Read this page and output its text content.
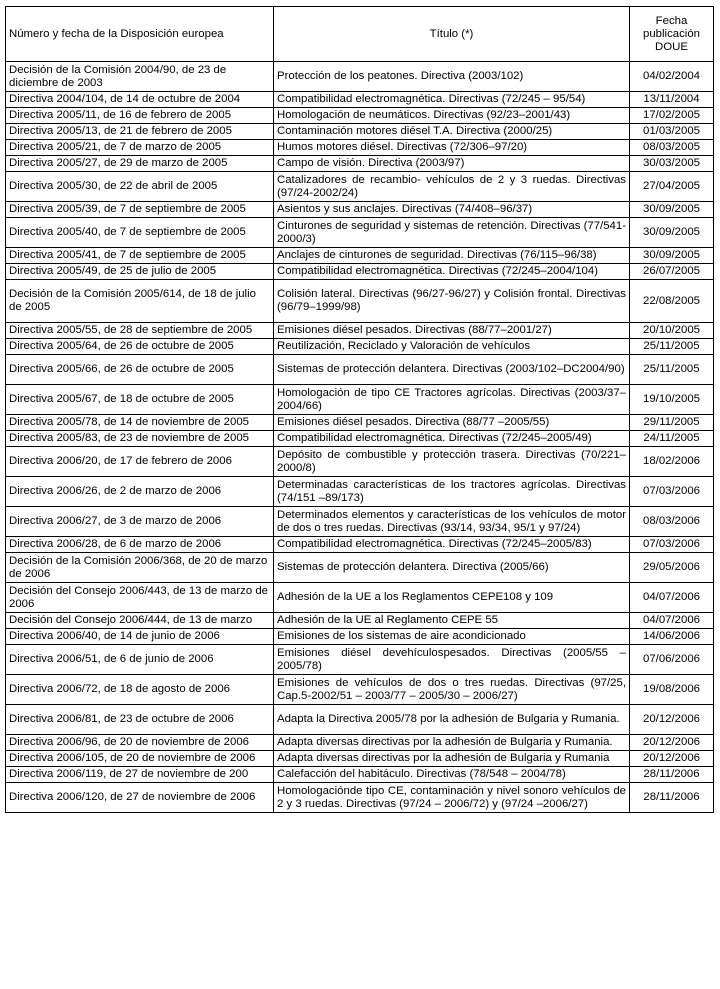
Número y fecha de la Disposición europea	Título (*)	Fecha publicación DOUE
Decisión de la Comisión 2004/90, de 23 de diciembre de 2003	Protección de los peatones. Directiva (2003/102)	04/02/2004
Directiva 2004/104, de 14 de octubre de 2004	Compatibilidad electromagnética. Directivas (72/245 – 95/54)	13/11/2004
Directiva 2005/11, de 16 de febrero de 2005	Homologación de neumáticos. Directivas (92/23–2001/43)	17/02/2005
Directiva 2005/13, de 21 de febrero de 2005	Contaminación motores diésel T.A. Directiva (2000/25)	01/03/2005
Directiva 2005/21, de 7 de marzo de 2005	Humos motores diésel. Directivas (72/306–97/20)	08/03/2005
Directiva 2005/27, de 29 de marzo de 2005	Campo de visión. Directiva (2003/97)	30/03/2005
Directiva 2005/30, de 22 de abril de 2005	Catalizadores de recambio- vehículos de 2 y 3 ruedas. Directivas (97/24-2002/24)	27/04/2005
Directiva 2005/39, de 7 de septiembre de 2005	Asientos y sus anclajes. Directivas (74/408–96/37)	30/09/2005
Directiva 2005/40, de 7 de septiembre de 2005	Cinturones de seguridad y sistemas de retención. Directivas (77/541-2000/3)	30/09/2005
Directiva 2005/41, de 7 de septiembre de 2005	Anclajes de cinturones de seguridad. Directivas (76/115–96/38)	30/09/2005
Directiva 2005/49, de 25 de julio de 2005	Compatibilidad electromagnética. Directivas (72/245–2004/104)	26/07/2005
Decisión de la Comisión 2005/614, de 18 de julio de 2005	Colisión lateral. Directivas (96/27-96/27) y Colisión frontal. Directivas (96/79–1999/98)	22/08/2005
Directiva 2005/55, de 28 de septiembre de 2005	Emisiones diésel pesados. Directivas (88/77–2001/27)	20/10/2005
Directiva 2005/64, de 26 de octubre de 2005	Reutilización, Reciclado y Valoración de vehículos	25/11/2005
Directiva 2005/66, de 26 de octubre de 2005	Sistemas de protección delantera. Directivas (2003/102–DC2004/90)	25/11/2005
Directiva 2005/67, de 18 de octubre de 2005	Homologación de tipo CE Tractores agrícolas. Directivas (2003/37–2004/66)	19/10/2005
Directiva 2005/78, de 14 de noviembre de 2005	Emisiones diésel pesados. Directiva (88/77 –2005/55)	29/11/2005
Directiva 2005/83, de 23 de noviembre de 2005	Compatibilidad electromagnética. Directivas (72/245–2005/49)	24/11/2005
Directiva 2006/20, de 17 de febrero de 2006	Depósito de combustible y protección trasera. Directivas (70/221–2000/8)	18/02/2006
Directiva 2006/26, de 2 de marzo de 2006	Determinadas características de los tractores agrícolas. Directivas (74/151 –89/173)	07/03/2006
Directiva 2006/27, de 3 de marzo de 2006	Determinados elementos y características de los vehículos de motor de dos o tres ruedas. Directivas (93/14, 93/34, 95/1 y 97/24)	08/03/2006
Directiva 2006/28, de 6 de marzo de 2006	Compatibilidad electromagnética. Directivas (72/245–2005/83)	07/03/2006
Decisión de la Comisión 2006/368, de 20 de marzo de 2006	Sistemas de protección delantera. Directiva (2005/66)	29/05/2006
Decisión del Consejo 2006/443, de 13 de marzo de 2006	Adhesión de la UE a los Reglamentos CEPE108 y 109	04/07/2006
Decisión del Consejo 2006/444, de 13 de marzo	Adhesión de la UE al Reglamento CEPE 55	04/07/2006
Directiva 2006/40, de 14 de junio de 2006	Emisiones de los sistemas de aire acondicionado	14/06/2006
Directiva 2006/51, de 6 de junio de 2006	Emisiones diésel devehículospesados. Directivas (2005/55 – 2005/78)	07/06/2006
Directiva 2006/72, de 18 de agosto de 2006	Emisiones de vehículos de dos o tres ruedas. Directivas (97/25, Cap.5-2002/51 – 2003/77 – 2005/30 – 2006/27)	19/08/2006
Directiva 2006/81, de 23 de octubre de 2006	Adapta la Directiva 2005/78 por la adhesión de Bulgaria y Rumania.	20/12/2006
Directiva 2006/96, de 20 de noviembre de 2006	Adapta diversas directivas por la adhesión de Bulgaria y Rumania.	20/12/2006
Directiva 2006/105, de 20 de noviembre de 2006	Adapta diversas directivas por la adhesión de Bulgaria y Rumania	20/12/2006
Directiva 2006/119, de 27 de noviembre de 200	Calefacción del habitáculo. Directivas (78/548 – 2004/78)	28/11/2006
Directiva 2006/120, de 27 de noviembre de 2006	Homologaciónde tipo CE, contaminación y nivel sonoro vehículos de 2 y 3 ruedas. Directivas (97/24 – 2006/72) y (97/24 –2006/27)	28/11/2006
